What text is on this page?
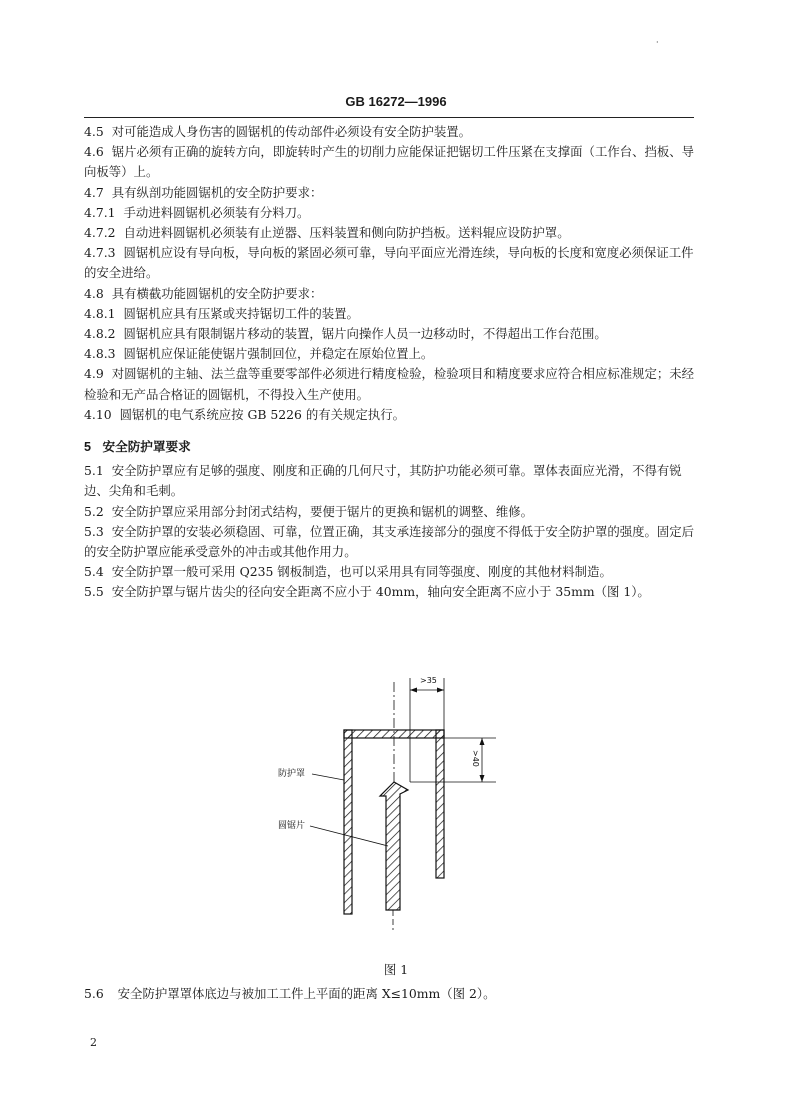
·
GB 16272—1996

4.5 对可能造成人身伤害的圆锯机的传动部件必须设有安全防护装置。

4.6 锯片必须有正确的旋转方向，即旋转时产生的切削力应能保证把锯切工件压紧在支撑面（工作台、挡板、导向板等）上。

4.7 具有纵剖功能圆锯机的安全防护要求：

4.7.1 手动进料圆锯机必须装有分料刀。

4.7.2 自动进料圆锯机必须装有止逆器、压料装置和侧向防护挡板。送料辊应设防护罩。

4.7.3 圆锯机应设有导向板，导向板的紧固必须可靠，导向平面应光滑连续，导向板的长度和宽度必须保证工件的安全进给。

4.8 具有横截功能圆锯机的安全防护要求：

4.8.1 圆锯机应具有压紧或夹持锯切工件的装置。

4.8.2 圆锯机应具有限制锯片移动的装置，锯片向操作人员一边移动时，不得超出工作台范围。

4.8.3 圆锯机应保证能使锯片强制回位，并稳定在原始位置上。

4.9 对圆锯机的主轴、法兰盘等重要零部件必须进行精度检验，检验项目和精度要求应符合相应标准规定；未经检验和无产品合格证的圆锯机，不得投入生产使用。

4.10 圆锯机的电气系统应按 GB 5226 的有关规定执行。

5 安全防护罩要求

5.1 安全防护罩应有足够的强度、刚度和正确的几何尺寸，其防护功能必须可靠。罩体表面应光滑，不得有锐边、尖角和毛刺。

5.2 安全防护罩应采用部分封闭式结构，要便于锯片的更换和锯机的调整、维修。

5.3 安全防护罩的安装必须稳固、可靠，位置正确，其支承连接部分的强度不得低于安全防护罩的强度。固定后的安全防护罩应能承受意外的冲击或其他作用力。

5.4 安全防护罩一般可采用 Q235 钢板制造，也可以采用具有同等强度、刚度的其他材料制造。

5.5 安全防护罩与锯片齿尖的径向安全距离不应小于 40mm，轴向安全距离不应小于 35mm（图 1）。

>35
>40
防护罩
圆锯片
图 1

5.6 安全防护罩罩体底边与被加工工件上平面的距离 X≤10mm（图 2）。

2
